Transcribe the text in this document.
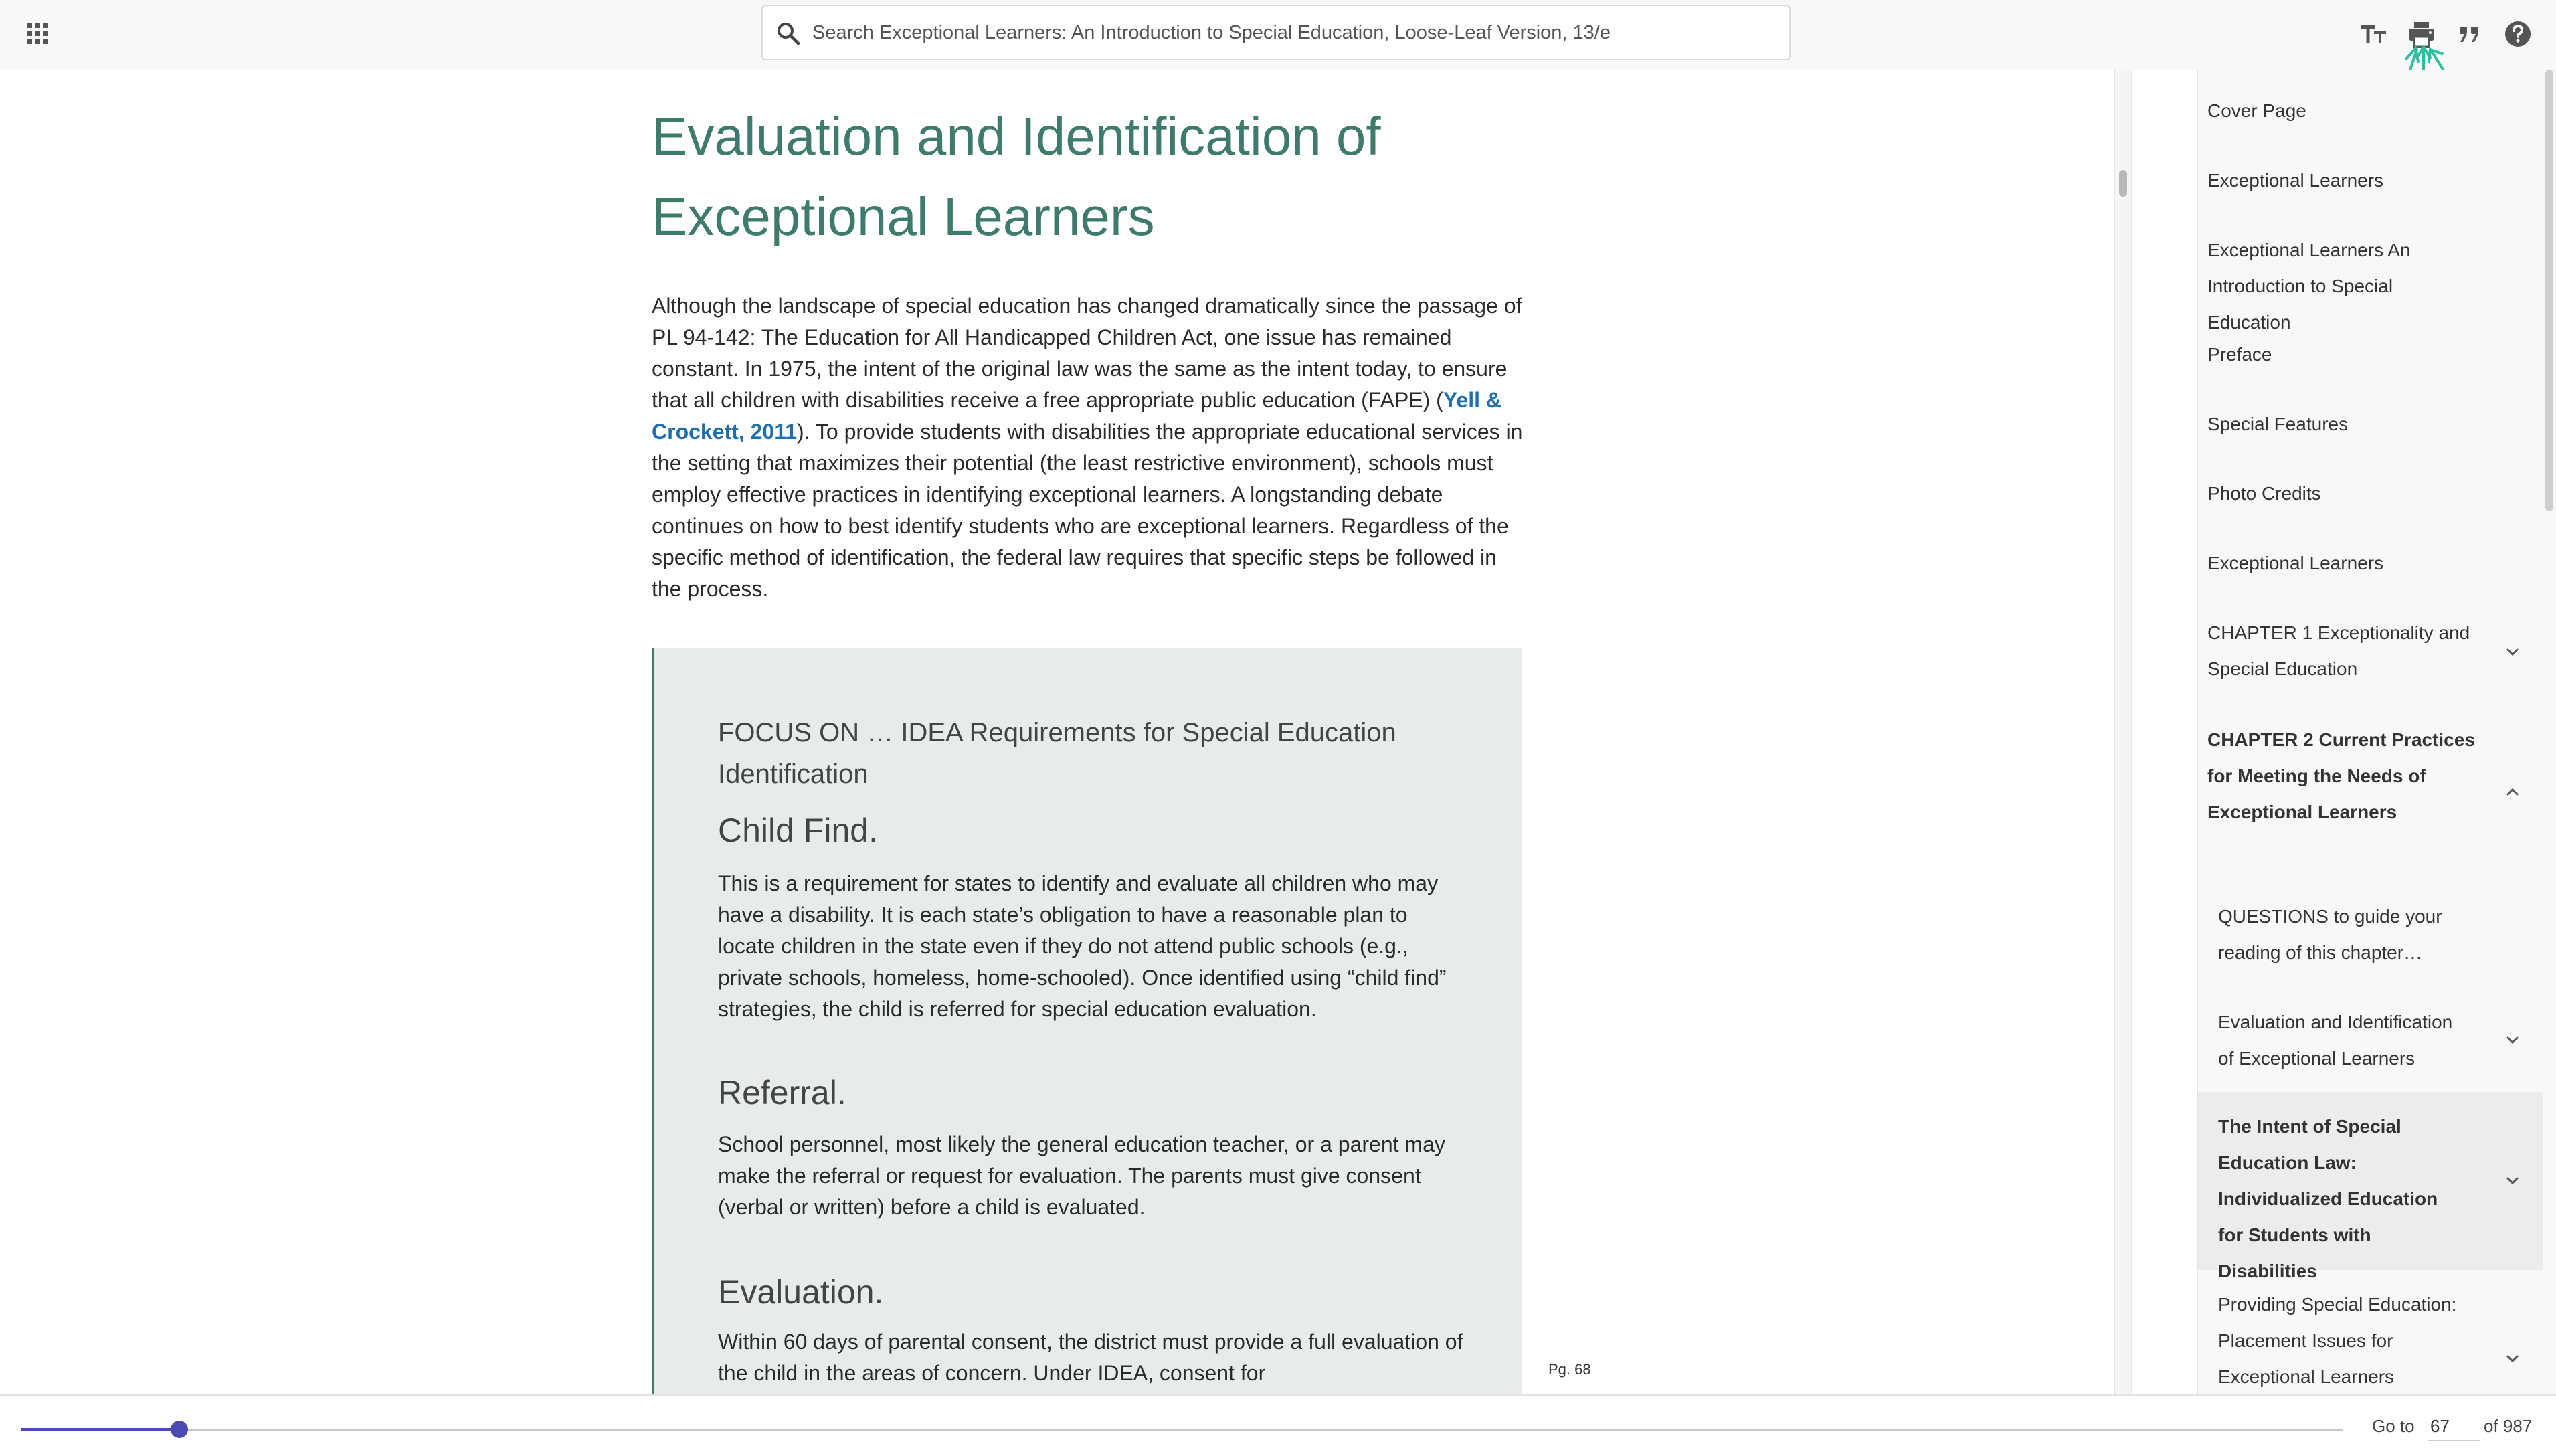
Search Exceptional Learners: An Introduction to Special Education, Loose-Leaf Version, 13/e
Evaluation and Identification of Exceptional Learners

Although the landscape of special education has changed dramatically since the passage of PL 94-142: The Education for All Handicapped Children Act, one issue has remained constant. In 1975, the intent of the original law was the same as the intent today, to ensure that all children with disabilities receive a free appropriate public education (FAPE) (Yell & Crockett, 2011). To provide students with disabilities the appropriate educational services in the setting that maximizes their potential (the least restrictive environment), schools must employ effective practices in identifying exceptional learners. A longstanding debate continues on how to best identify students who are exceptional learners. Regardless of the specific method of identification, the federal law requires that specific steps be followed in the process.

FOCUS ON … IDEA Requirements for Special Education Identification
Child Find.

This is a requirement for states to identify and evaluate all children who may have a disability. It is each state’s obligation to have a reasonable plan to locate children in the state even if they do not attend public schools (e.g., private schools, homeless, home-schooled). Once identified using “child find” strategies, the child is referred for special education evaluation.

Referral.

School personnel, most likely the general education teacher, or a parent may make the referral or request for evaluation. The parents must give consent (verbal or written) before a child is evaluated.

Evaluation.

Within 60 days of parental consent, the district must provide a full evaluation of the child in the areas of concern. Under IDEA, consent for	Pg. 68
Cover Page
Exceptional Learners
Exceptional Learners An Introduction to Special Education
Preface
Special Features
Photo Credits
Exceptional Learners
CHAPTER 1 Exceptionality and Special Education
CHAPTER 2 Current Practices for Meeting the Needs of Exceptional Learners
QUESTIONS to guide your reading of this chapter…
Evaluation and Identification of Exceptional Learners
The Intent of Special Education Law: Individualized Education for Students with Disabilities
Providing Special Education: Placement Issues for Exceptional Learners
Go to
67	of 987
